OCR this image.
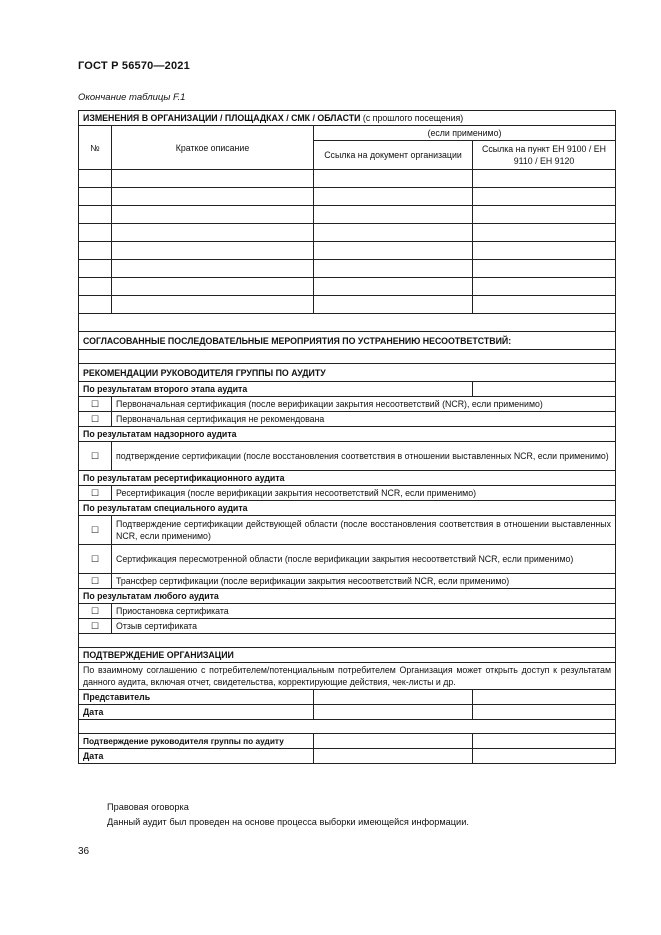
ГОСТ Р 56570—2021
Окончание таблицы F.1
ИЗМЕНЕНИЯ В ОРГАНИЗАЦИИ / ПЛОЩАДКАХ / СМК / ОБЛАСТИ (с прошлого посещения)			
№	Краткое описание	(если применимо)	
		Ссылка на документ организации	Ссылка на пункт ЕН 9100 / ЕН 9110 / ЕН 9120

СОГЛАСОВАННЫЕ ПОСЛЕДОВАТЕЛЬНЫЕ МЕРОПРИЯТИЯ ПО УСТРАНЕНИЮ НЕСООТВЕТСТВИЙ:			

РЕКОМЕНДАЦИИ РУКОВОДИТЕЛЯ ГРУППЫ ПО АУДИТУ			
По результатам второго этапа аудита			
☐	Первоначальная сертификация (после верификации закрытия несоответствий (NCR), если применимо)		
☐	Первоначальная сертификация не рекомендована		
По результатам надзорного аудита			
☐	подтверждение сертификации (после восстановления соответствия в отношении выставленных NCR, если применимо)		
По результатам ресертификационного аудита			
☐	Ресертификация (после верификации закрытия несоответствий NCR, если применимо)		
По результатам специального аудита			
☐	Подтверждение сертификации действующей области (после восстановления соответствия в отношении выставленных NCR, если применимо)		
☐	Сертификация пересмотренной области (после верификации закрытия несоответствий NCR, если применимо)		
☐	Трансфер сертификации (после верификации закрытия несоответствий NCR, если применимо)		
По результатам любого аудита			
☐	Приостановка сертификата		
☐	Отзыв сертификата		

ПОДТВЕРЖДЕНИЕ ОРГАНИЗАЦИИ			
По взаимному соглашению с потребителем/потенциальным потребителем Организация может открыть доступ к результатам данного аудита, включая отчет, свидетельства, корректирующие действия, чек-листы и др.			
Представитель			
Дата			

Подтверждение руководителя группы по аудиту			
Дата			
Правовая оговорка
Данный аудит был проведен на основе процесса выборки имеющейся информации.
36
